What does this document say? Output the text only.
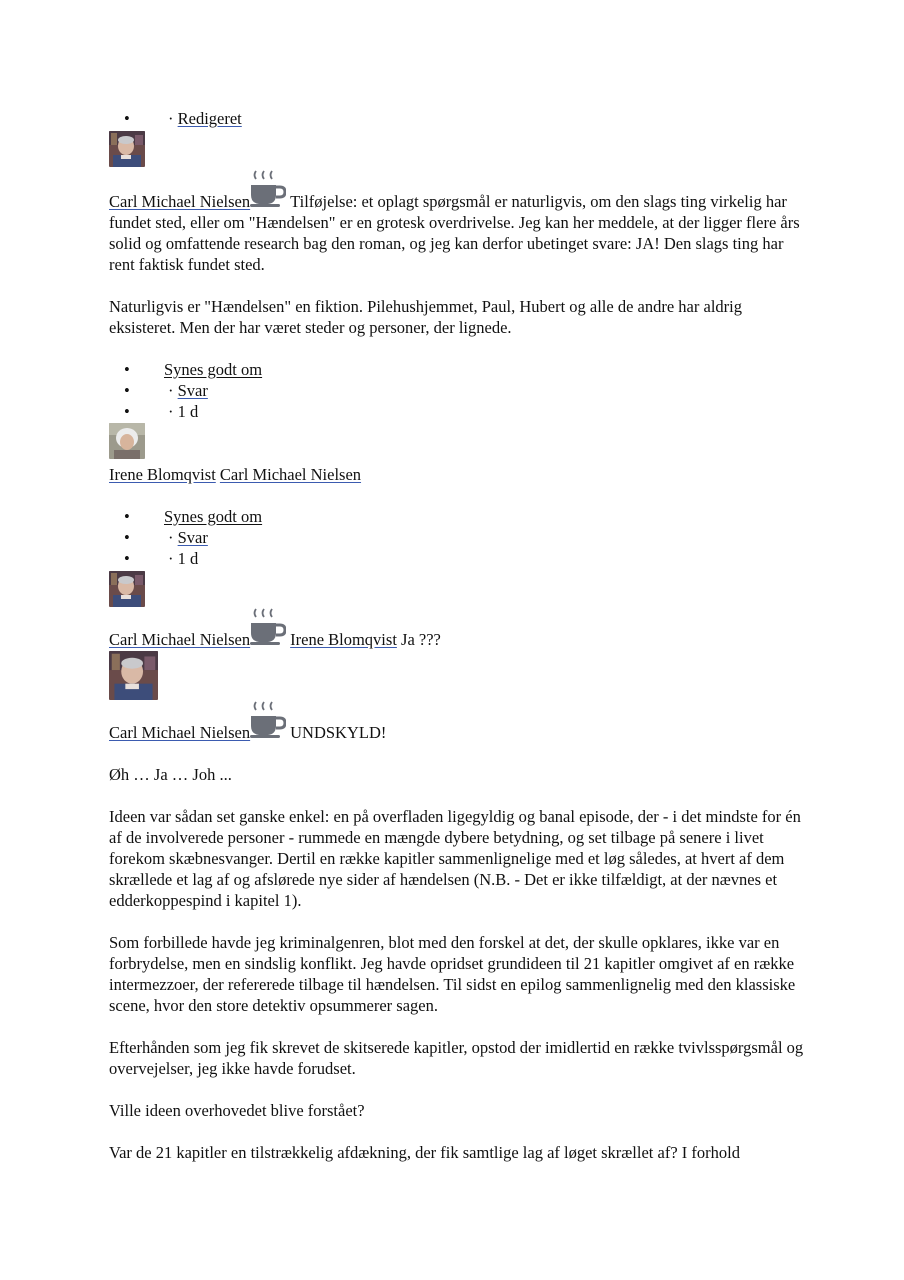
• · Redigeret

Carl Michael Nielsen Tilføjelse: et oplagt spørgsmål er naturligvis, om den slags ting virkelig har fundet sted, eller om "Hændelsen" er en grotesk overdrivelse. Jeg kan her meddele, at der ligger flere års solid og omfattende research bag den roman, og jeg kan derfor ubetinget svare: JA! Den slags ting har rent faktisk fundet sted.

Naturligvis er "Hændelsen" en fiktion. Pilehushjemmet, Paul, Hubert og alle de andre har aldrig eksisteret. Men der har været steder og personer, der lignede.

• Synes godt om
• · Svar
• · 1 d

Irene Blomqvist Carl Michael Nielsen

• Synes godt om
• · Svar
• · 1 d

Carl Michael Nielsen Irene Blomqvist Ja ???

Carl Michael Nielsen UNDSKYLD!

Øh … Ja … Joh ...

Ideen var sådan set ganske enkel: en på overfladen ligegyldig og banal episode, der - i det mindste for én af de involverede personer - rummede en mængde dybere betydning, og set tilbage på senere i livet forekom skæbnesvanger. Dertil en række kapitler sammenlignelige med et løg således, at hvert af dem skrællede et lag af og afslørede nye sider af hændelsen (N.B. - Det er ikke tilfældigt, at der nævnes et edderkoppespind i kapitel 1).

Som forbillede havde jeg kriminalgenren, blot med den forskel at det, der skulle opklares, ikke var en forbrydelse, men en sindslig konflikt. Jeg havde opridset grundideen til 21 kapitler omgivet af en række intermezzoer, der refererede tilbage til hændelsen. Til sidst en epilog sammenlignelig med den klassiske scene, hvor den store detektiv opsummerer sagen.

Efterhånden som jeg fik skrevet de skitserede kapitler, opstod der imidlertid en række tvivlsspørgsmål og overvejelser, jeg ikke havde forudset.

Ville ideen overhovedet blive forstået?

Var de 21 kapitler en tilstrækkelig afdækning, der fik samtlige lag af løget skrællet af? I forhold
